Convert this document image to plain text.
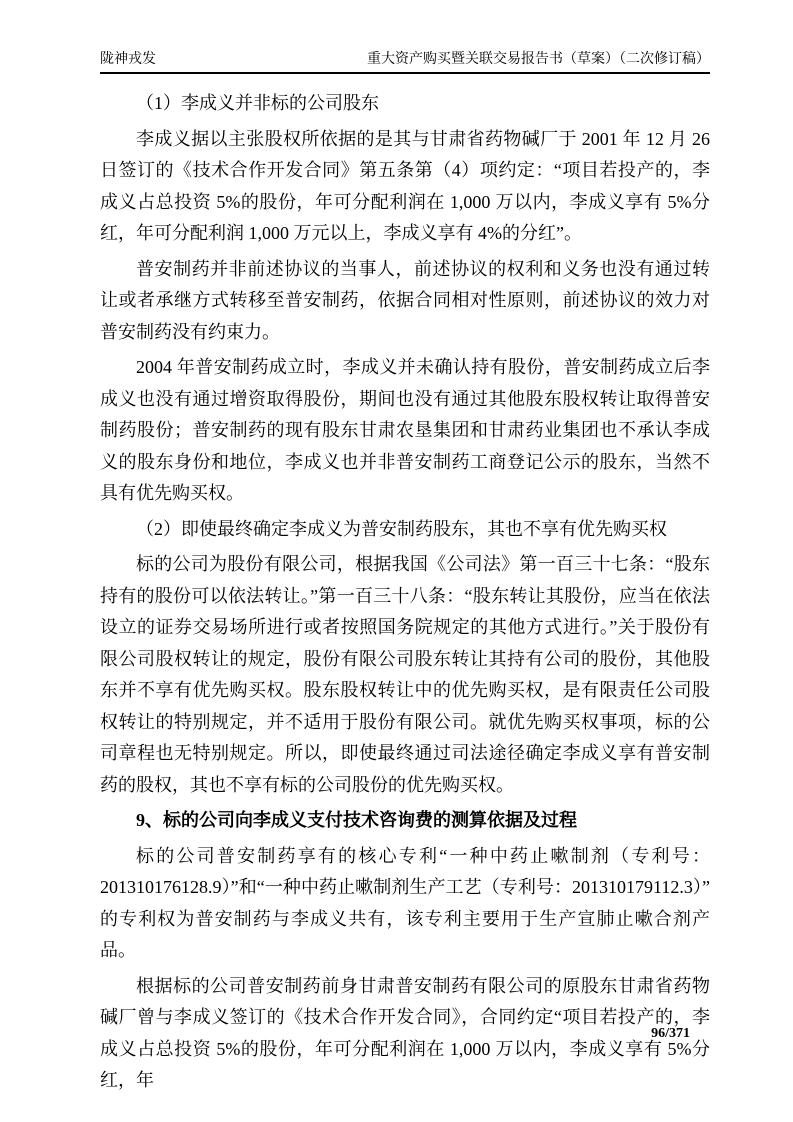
陇神戎发	重大资产购买暨关联交易报告书（草案）（二次修订稿）
（1）李成义并非标的公司股东
李成义据以主张股权所依据的是其与甘肃省药物碱厂于 2001 年 12 月 26 日签订的《技术合作开发合同》第五条第（4）项约定：“项目若投产的，李成义占总投资 5%的股份，年可分配利润在 1,000 万以内，李成义享有 5%分红，年可分配利润 1,000 万元以上，李成义享有 4%的分红”。
普安制药并非前述协议的当事人，前述协议的权利和义务也没有通过转让或者承继方式转移至普安制药，依据合同相对性原则，前述协议的效力对普安制药没有约束力。
2004 年普安制药成立时，李成义并未确认持有股份，普安制药成立后李成义也没有通过增资取得股份，期间也没有通过其他股东股权转让取得普安制药股份；普安制药的现有股东甘肃农垦集团和甘肃药业集团也不承认李成义的股东身份和地位，李成义也并非普安制药工商登记公示的股东，当然不具有优先购买权。
（2）即使最终确定李成义为普安制药股东，其也不享有优先购买权
标的公司为股份有限公司，根据我国《公司法》第一百三十七条：“股东持有的股份可以依法转让。”第一百三十八条：“股东转让其股份，应当在依法设立的证券交易场所进行或者按照国务院规定的其他方式进行。”关于股份有限公司股权转让的规定，股份有限公司股东转让其持有公司的股份，其他股东并不享有优先购买权。股东股权转让中的优先购买权，是有限责任公司股权转让的特别规定，并不适用于股份有限公司。就优先购买权事项，标的公司章程也无特别规定。所以，即使最终通过司法途径确定李成义享有普安制药的股权，其也不享有标的公司股份的优先购买权。
9、标的公司向李成义支付技术咨询费的测算依据及过程
标的公司普安制药享有的核心专利“一种中药止嗽制剂（专利号：201310176128.9）”和“一种中药止嗽制剂生产工艺（专利号：201310179112.3）”的专利权为普安制药与李成义共有，该专利主要用于生产宣肺止嗽合剂产品。
根据标的公司普安制药前身甘肃普安制药有限公司的原股东甘肃省药物碱厂曾与李成义签订的《技术合作开发合同》，合同约定“项目若投产的，李成义占总投资 5%的股份，年可分配利润在 1,000 万以内，李成义享有 5%分红，年
96/371
